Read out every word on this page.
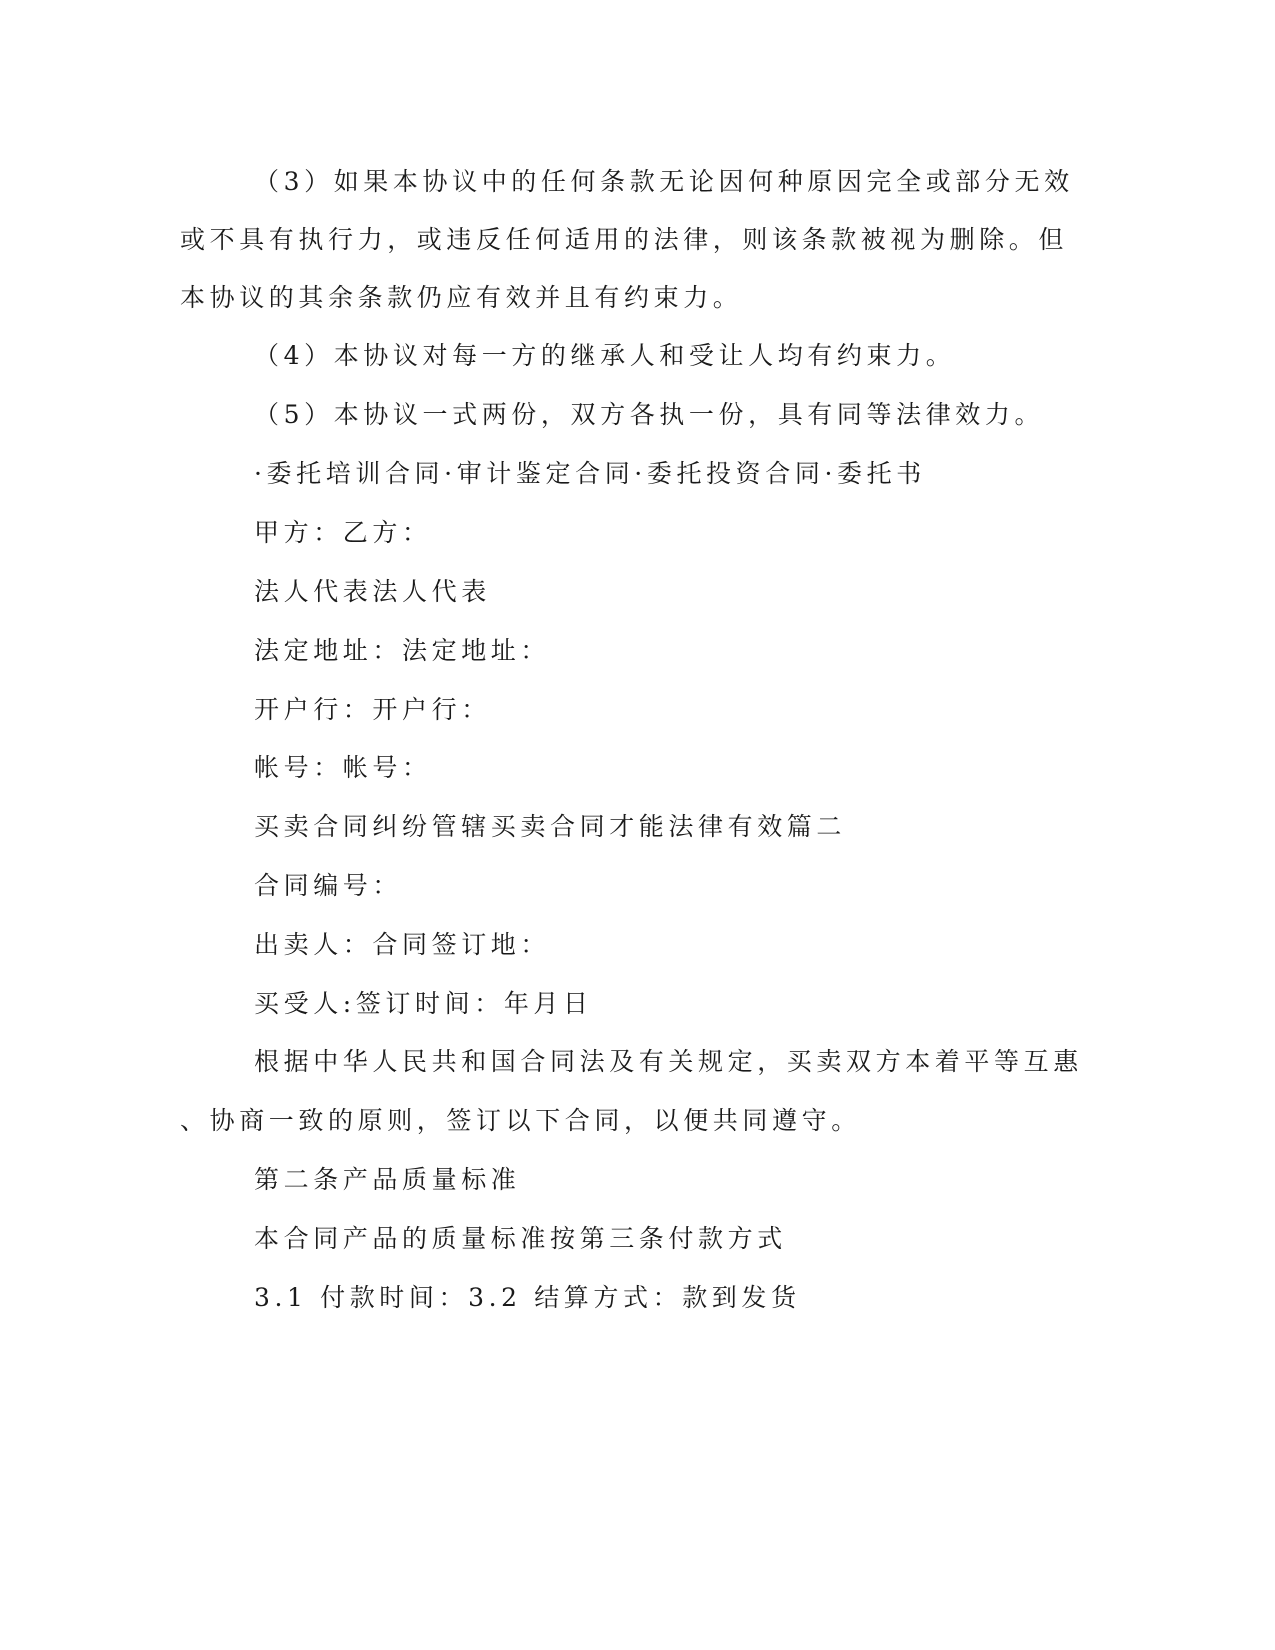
（3）如果本协议中的任何条款无论因何种原因完全或部分无效
或不具有执行力，或违反任何适用的法律，则该条款被视为删除。但
本协议的其余条款仍应有效并且有约束力。
（4）本协议对每一方的继承人和受让人均有约束力。
（5）本协议一式两份，双方各执一份，具有同等法律效力。
·委托培训合同·审计鉴定合同·委托投资合同·委托书
甲方：乙方：
法人代表法人代表
法定地址：法定地址：
开户行：开户行：
帐号：帐号：
买卖合同纠纷管辖买卖合同才能法律有效篇二
合同编号：
出卖人：合同签订地：
买受人:签订时间：年月日
根据中华人民共和国合同法及有关规定，买卖双方本着平等互惠
、协商一致的原则，签订以下合同，以便共同遵守。
第二条产品质量标准
本合同产品的质量标准按第三条付款方式
3.1 付款时间：3.2 结算方式：款到发货
